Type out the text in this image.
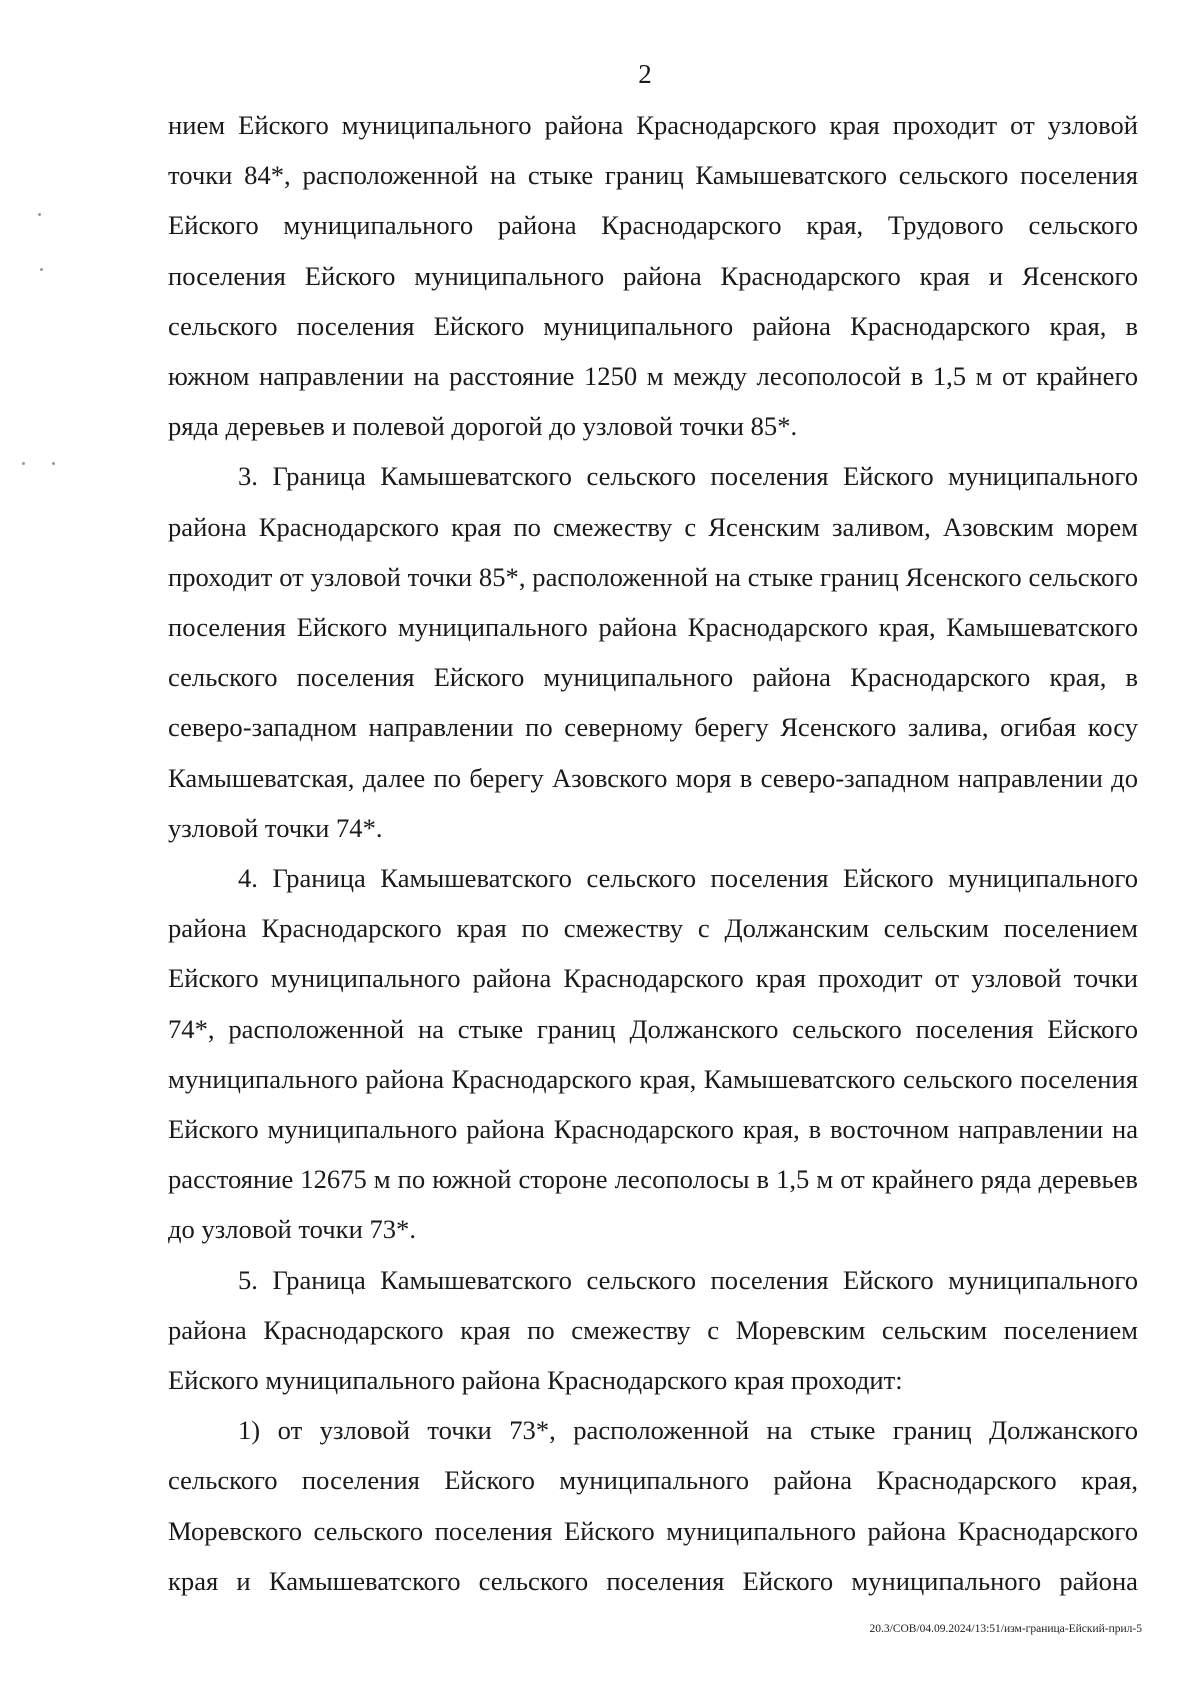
2

нием Ейского муниципального района Краснодарского края проходит от узловой точки 84*, расположенной на стыке границ Камышеватского сельского поселения Ейского муниципального района Краснодарского края, Трудового сельского поселения Ейского муниципального района Краснодарского края и Ясенского сельского поселения Ейского муниципального района Краснодарского края, в южном направлении на расстояние 1250 м между лесополосой в 1,5 м от крайнего ряда деревьев и полевой дорогой до узловой точки 85*.

3. Граница Камышеватского сельского поселения Ейского муниципального района Краснодарского края по смежеству с Ясенским заливом, Азовским морем проходит от узловой точки 85*, расположенной на стыке границ Ясенского сельского поселения Ейского муниципального района Краснодарского края, Камышеватского сельского поселения Ейского муниципального района Краснодарского края, в северо-западном направлении по северному берегу Ясенского залива, огибая косу Камышеватская, далее по берегу Азовского моря в северо-западном направлении до узловой точки 74*.

4. Граница Камышеватского сельского поселения Ейского муниципального района Краснодарского края по смежеству с Должанским сельским поселением Ейского муниципального района Краснодарского края проходит от узловой точки 74*, расположенной на стыке границ Должанского сельского поселения Ейского муниципального района Краснодарского края, Камышеватского сельского поселения Ейского муниципального района Краснодарского края, в восточном направлении на расстояние 12675 м по южной стороне лесополосы в 1,5 м от крайнего ряда деревьев до узловой точки 73*.

5. Граница Камышеватского сельского поселения Ейского муниципального района Краснодарского края по смежеству с Моревским сельским поселением Ейского муниципального района Краснодарского края проходит:

1) от узловой точки 73*, расположенной на стыке границ Должанского сельского поселения Ейского муниципального района Краснодарского края, Моревского сельского поселения Ейского муниципального района Краснодарского края и Камышеватского сельского поселения Ейского муниципального района

20.3/СОВ/04.09.2024/13:51/изм-граница-Ейский-прил-5
